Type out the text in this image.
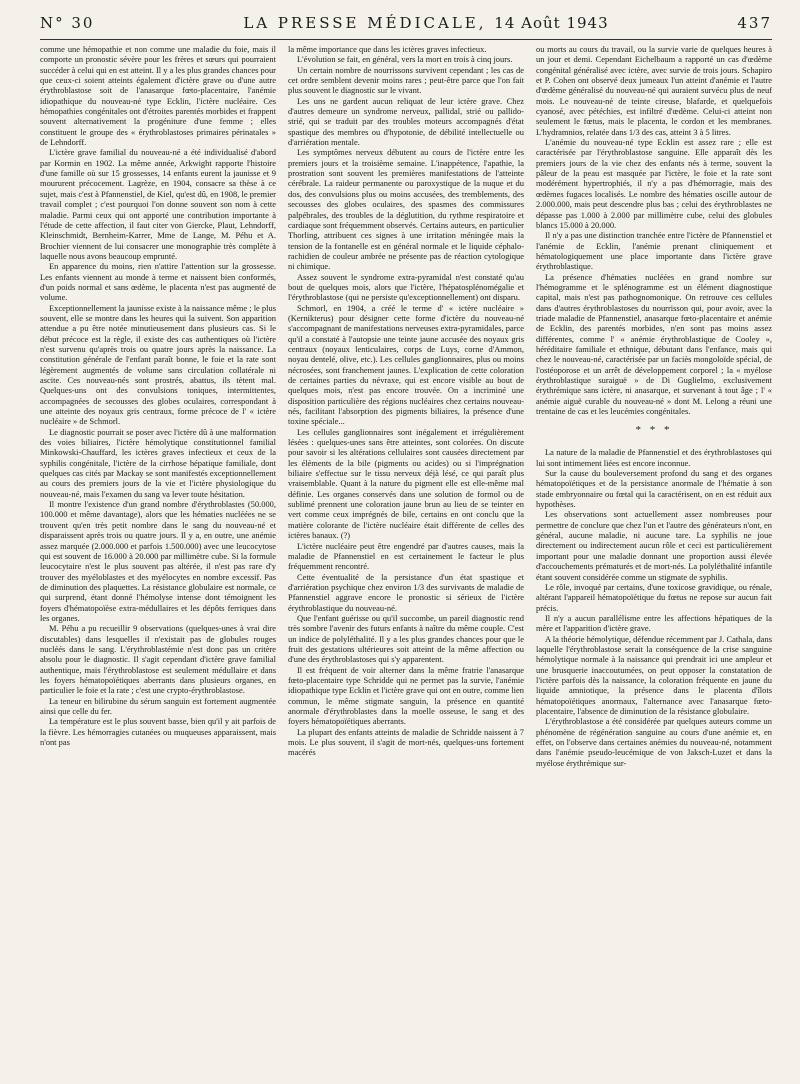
N° 30	LA PRESSE MÉDICALE, 14 Août 1943	437

comme une hémopathie et non comme une maladie du foie, mais il comporte un pronostic sévère pour les frères et sœurs qui pourraient succéder à celui qui en est atteint. Il y a les plus grandes chances pour que ceux-ci soient atteints également d'ictère grave ou d'une autre érythroblastose soit de l'anasarque fœto-placentaire, l'anémie idiopathique du nouveau-né type Ecklin, l'ictère nucléaire. Ces hémopathies congénitales ont d'étroites parentés morbides et frappent souvent alternativement la progéniture d'une femme ; elles constituent le groupe des « érythroblastoses primaires périnatales » de Lehndorff.

L'ictère grave familial du nouveau-né a été individualisé d'abord par Kormin en 1902. La même année, Arkwight rapporte l'histoire d'une famille où sur 15 grossesses, 14 enfants eurent la jaunisse et 9 moururent précocement. Lagrèze, en 1904, consacre sa thèse à ce sujet, mais c'est à Pfannenstiel, de Kiel, qu'est dû, en 1908, le premier travail complet ; c'est pourquoi l'on donne souvent son nom à cette maladie. Parmi ceux qui ont apporté une contribution importante à l'étude de cette affection, il faut citer von Giercke, Plaut, Lehndorff, Kleinschmidt, Bernheim-Karrer, Mme de Lange, M. Péhu et A. Brochier viennent de lui consacrer une monographie très complète à laquelle nous avons beaucoup emprunté.

En apparence du moins, rien n'attire l'attention sur la grossesse. Les enfants viennent au monde à terme et naissent bien conformés, d'un poids normal et sans œdème, le placenta n'est pas augmenté de volume.

Exceptionnellement la jaunisse existe à la naissance même ; le plus souvent, elle se montre dans les heures qui la suivent. Son apparition attendue a pu être notée minutieusement dans plusieurs cas. Si le début précoce est la règle, il existe des cas authentiques où l'ictère n'est survenu qu'après trois ou quatre jours après la naissance. La constitution générale de l'enfant paraît bonne, le foie et la rate sont légèrement augmentés de volume sans circulation collatérale ni ascite. Ces nouveau-nés sont prostrés, abattus, ils tètent mal. Quelques-uns ont des convulsions toniques, intermittentes, accompagnées de secousses des globes oculaires, correspondant à une atteinte des noyaux gris centraux, forme précoce de l' « ictère nucléaire » de Schmorl.

Le diagnostic pourrait se poser avec l'ictère dû à une malformation des voies biliaires, l'ictère hémolytique constitutionnel familial Minkowski-Chauffard, les ictères graves infectieux et ceux de la syphilis congénitale, l'ictère de la cirrhose hépatique familiale, dont quelques cas cités par Mackay se sont manifestés exceptionnellement au cours des premiers jours de la vie et l'ictère physiologique du nouveau-né, mais l'examen du sang va lever toute hésitation.

Il montre l'existence d'un grand nombre d'érythroblastes (50.000, 100.000 et même davantage), alors que les hématies nucléées ne se trouvent qu'en très petit nombre dans le sang du nouveau-né et disparaissent après trois ou quatre jours. Il y a, en outre, une anémie assez marquée (2.000.000 et parfois 1.500.000) avec une leucocytose qui est souvent de 16.000 à 20.000 par millimètre cube. Si la formule leucocytaire n'est le plus souvent pas altérée, il n'est pas rare d'y trouver des myéloblastes et des myélocytes en nombre excessif. Pas de diminution des plaquettes. La résistance globulaire est normale, ce qui surprend, étant donné l'hémolyse intense dont témoignent les foyers d'hématopoïèse extra-médullaires et les dépôts ferriques dans les organes.

M. Péhu a pu recueillir 9 observations (quelques-unes à vrai dire discutables) dans lesquelles il n'existait pas de globules rouges nucléés dans le sang. L'érythroblastémie n'est donc pas un critère absolu pour le diagnostic. Il s'agit cependant d'ictère grave familial authentique, mais l'érythroblastose est seulement médullaire et dans les foyers hématopoïétiques aberrants dans plusieurs organes, en particulier le foie et la rate ; c'est une crypto-érythroblastose.

La teneur en bilirubine du sérum sanguin est fortement augmentée ainsi que celle du fer.

La température est le plus souvent basse, bien qu'il y ait parfois de la fièvre. Les hémorragies cutanées ou muqueuses apparaissent, mais n'ont pas

la même importance que dans les ictères graves infectieux.

L'évolution se fait, en général, vers la mort en trois à cinq jours.

Un certain nombre de nourrissons survivent cependant ; les cas de cet ordre semblent devenir moins rares ; peut-être parce que l'on fait plus souvent le diagnostic sur le vivant.

Les uns ne gardent aucun reliquat de leur ictère grave. Chez d'autres demeure un syndrome nerveux, pallidal, strié ou pallido-strié, qui se traduit par des troubles moteurs accompagnés d'état spastique des membres ou d'hypotonie, de débilité intellectuelle ou d'arriération mentale.

Les symptômes nerveux débutent au cours de l'ictère entre les premiers jours et la troisième semaine. L'inappétence, l'apathie, la prostration sont souvent les premières manifestations de l'atteinte cérébrale. La raideur permanente ou paroxystique de la nuque et du dos, des convulsions plus ou moins accusées, des tremblements, des secousses des globes oculaires, des spasmes des commissures palpébrales, des troubles de la déglutition, du rythme respiratoire et cardiaque sont fréquemment observés. Certains auteurs, en particulier Thorling, attribuent ces signes à une irritation méningée mais la tension de la fontanelle est en général normale et le liquide céphalo-rachidien de couleur ambrée ne présente pas de réaction cytologique ni chimique.

Assez souvent le syndrome extra-pyramidal n'est constaté qu'au bout de quelques mois, alors que l'ictère, l'hépatosplénomégalie et l'érythroblastose (qui ne persiste qu'exceptionnellement) ont disparu.

Schmorl, en 1904, a créé le terme d' « ictère nucléaire » (Kernikterus) pour désigner cette forme d'ictère du nouveau-né s'accompagnant de manifestations nerveuses extra-pyramidales, parce qu'il a constaté à l'autopsie une teinte jaune accusée des noyaux gris centraux (noyaux lenticulaires, corps de Luys, corne d'Ammon, noyau dentelé, olive, etc.). Les cellules ganglionnaires, plus ou moins nécrosées, sont franchement jaunes. L'explication de cette coloration de certaines parties du névraxe, qui est encore visible au bout de quelques mois, n'est pas encore trouvée. On a incriminé une disposition particulière des régions nucléaires chez certains nouveau-nés, facilitant l'absorption des pigments biliaires, la présence d'une toxine spéciale...

Les cellules ganglionnaires sont inégalement et irrégulièrement lésées : quelques-unes sans être atteintes, sont colorées. On discute pour savoir si les altérations cellulaires sont causées directement par les éléments de la bile (pigments ou acides) ou si l'imprégnation biliaire s'effectue sur le tissu nerveux déjà lésé, ce qui paraît plus vraisemblable. Quant à la nature du pigment elle est elle-même mal définie. Les organes conservés dans une solution de formol ou de sublimé prennent une coloration jaune brun au lieu de se teinter en vert comme ceux imprégnés de bile, certains en ont conclu que la matière colorante de l'ictère nucléaire était différente de celles des ictères banaux. (?)

L'ictère nucléaire peut être engendré par d'autres causes, mais la maladie de Pfannenstiel en est certainement le facteur le plus fréquemment rencontré.

Cette éventualité de la persistance d'un état spastique et d'arriération psychique chez environ 1/3 des survivants de maladie de Pfannenstiel aggrave encore le pronostic si sérieux de l'ictère érythroblastique du nouveau-né.

Que l'enfant guérisse ou qu'il succombe, un pareil diagnostic rend très sombre l'avenir des futurs enfants à naître du même couple. C'est un indice de polyléthalité. Il y a les plus grandes chances pour que le fruit des gestations ultérieures soit atteint de la même affection ou d'une des érythroblastoses qui s'y apparentent.

Il est fréquent de voir alterner dans la même fratrie l'anasarque fœto-placentaire type Schridde qui ne permet pas la survie, l'anémie idiopathique type Ecklin et l'ictère grave qui ont en outre, comme lien commun, le même stigmate sanguin, la présence en quantité anormale d'érythroblastes dans la moelle osseuse, le sang et des foyers hématopoïétiques aberrants.

La plupart des enfants atteints de maladie de Schridde naissent à 7 mois. Le plus souvent, il s'agit de mort-nés, quelques-uns fortement macérés

ou morts au cours du travail, ou la survie varie de quelques heures à un jour et demi. Cependant Eichelbaum a rapporté un cas d'œdème congénital généralisé avec ictère, avec survie de trois jours. Schapiro et P. Cohen ont observé deux jumeaux l'un atteint d'anémie et l'autre d'œdème généralisé du nouveau-né qui auraient survécu plus de neuf mois. Le nouveau-né de teinte cireuse, blafarde, et quelquefois cyanosé, avec pétéchies, est infiltré d'œdème. Celui-ci atteint non seulement le fœtus, mais le placenta, le cordon et les membranes. L'hydramnios, relatée dans 1/3 des cas, atteint 3 à 5 litres.

L'anémie du nouveau-né type Ecklin est assez rare ; elle est caractérisée par l'érythroblastose sanguine. Elle apparaît dès les premiers jours de la vie chez des enfants nés à terme, souvent la pâleur de la peau est masquée par l'ictère, le foie et la rate sont modérément hypertrophiés, il n'y a pas d'hémorragie, mais des œdèmes fugaces localisés. Le nombre des hématies oscille autour de 2.000.000, mais peut descendre plus bas ; celui des érythroblastes ne dépasse pas 1.000 à 2.000 par millimètre cube, celui des globules blancs 15.000 à 20.000.

Il n'y a pas une distinction tranchée entre l'ictère de Pfannenstiel et l'anémie de Ecklin, l'anémie prenant cliniquement et hématologiquement une place importante dans l'ictère grave érythroblastique.

La présence d'hématies nucléées en grand nombre sur l'hémogramme et le splénogramme est un élément diagnostique capital, mais n'est pas pathognomonique. On retrouve ces cellules dans d'autres érythroblastoses du nourrisson qui, pour avoir, avec la triade maladie de Pfannenstiel, anasarque fœto-placentaire et anémie de Ecklin, des parentés morbides, n'en sont pas moins assez différentes, comme l' « anémie érythroblastique de Cooley », héréditaire familiale et ethnique, débutant dans l'enfance, mais qui chez le nouveau-né, caractérisée par un faciès mongoloïde spécial, de l'ostéoporose et un arrêt de développement corporel ; la « myélose érythroblastique suraiguë » de Di Guglielmo, exclusivement érythrémique sans ictère, ni anasarque, et survenant à tout âge ; l' « anémie aiguë curable du nouveau-né » dont M. Lelong a réuni une trentaine de cas et les leucémies congénitales.

* * *

La nature de la maladie de Pfannenstiel et des érythroblastoses qui lui sont intimement liées est encore inconnue.

Sur la cause du bouleversement profond du sang et des organes hématopoïétiques et de la persistance anormale de l'hématie à son stade embryonnaire ou fœtal qui la caractérisent, on en est réduit aux hypothèses.

Les observations sont actuellement assez nombreuses pour permettre de conclure que chez l'un et l'autre des générateurs n'ont, en général, aucune maladie, ni aucune tare. La syphilis ne joue directement ou indirectement aucun rôle et ceci est particulièrement important pour une maladie donnant une proportion aussi élevée d'accouchements prématurés et de mort-nés. La polyléthalité infantile étant souvent considérée comme un stigmate de syphilis.

Le rôle, invoqué par certains, d'une toxicose gravidique, ou rénale, altérant l'appareil hématopoïétique du fœtus ne repose sur aucun fait précis.

Il n'y a aucun parallélisme entre les affections hépatiques de la mère et l'apparition d'ictère grave.

A la théorie hémolytique, défendue récemment par J. Cathala, dans laquelle l'érythroblastose serait la conséquence de la crise sanguine hémolytique normale à la naissance qui prendrait ici une ampleur et une brusquerie inaccoutumées, on peut opposer la constatation de l'ictère parfois dès la naissance, la coloration fréquente en jaune du liquide amniotique, la présence dans le placenta d'îlots hématopoïétiques anormaux, l'alternance avec l'anasarque fœto-placentaire, l'absence de diminution de la résistance globulaire.

L'érythroblastose a été considérée par quelques auteurs comme un phénomène de régénération sanguine au cours d'une anémie et, en effet, on l'observe dans certaines anémies du nouveau-né, notamment dans l'anémie pseudo-leucémique de von Jaksch-Luzet et dans la myélose érythrémique sur-
